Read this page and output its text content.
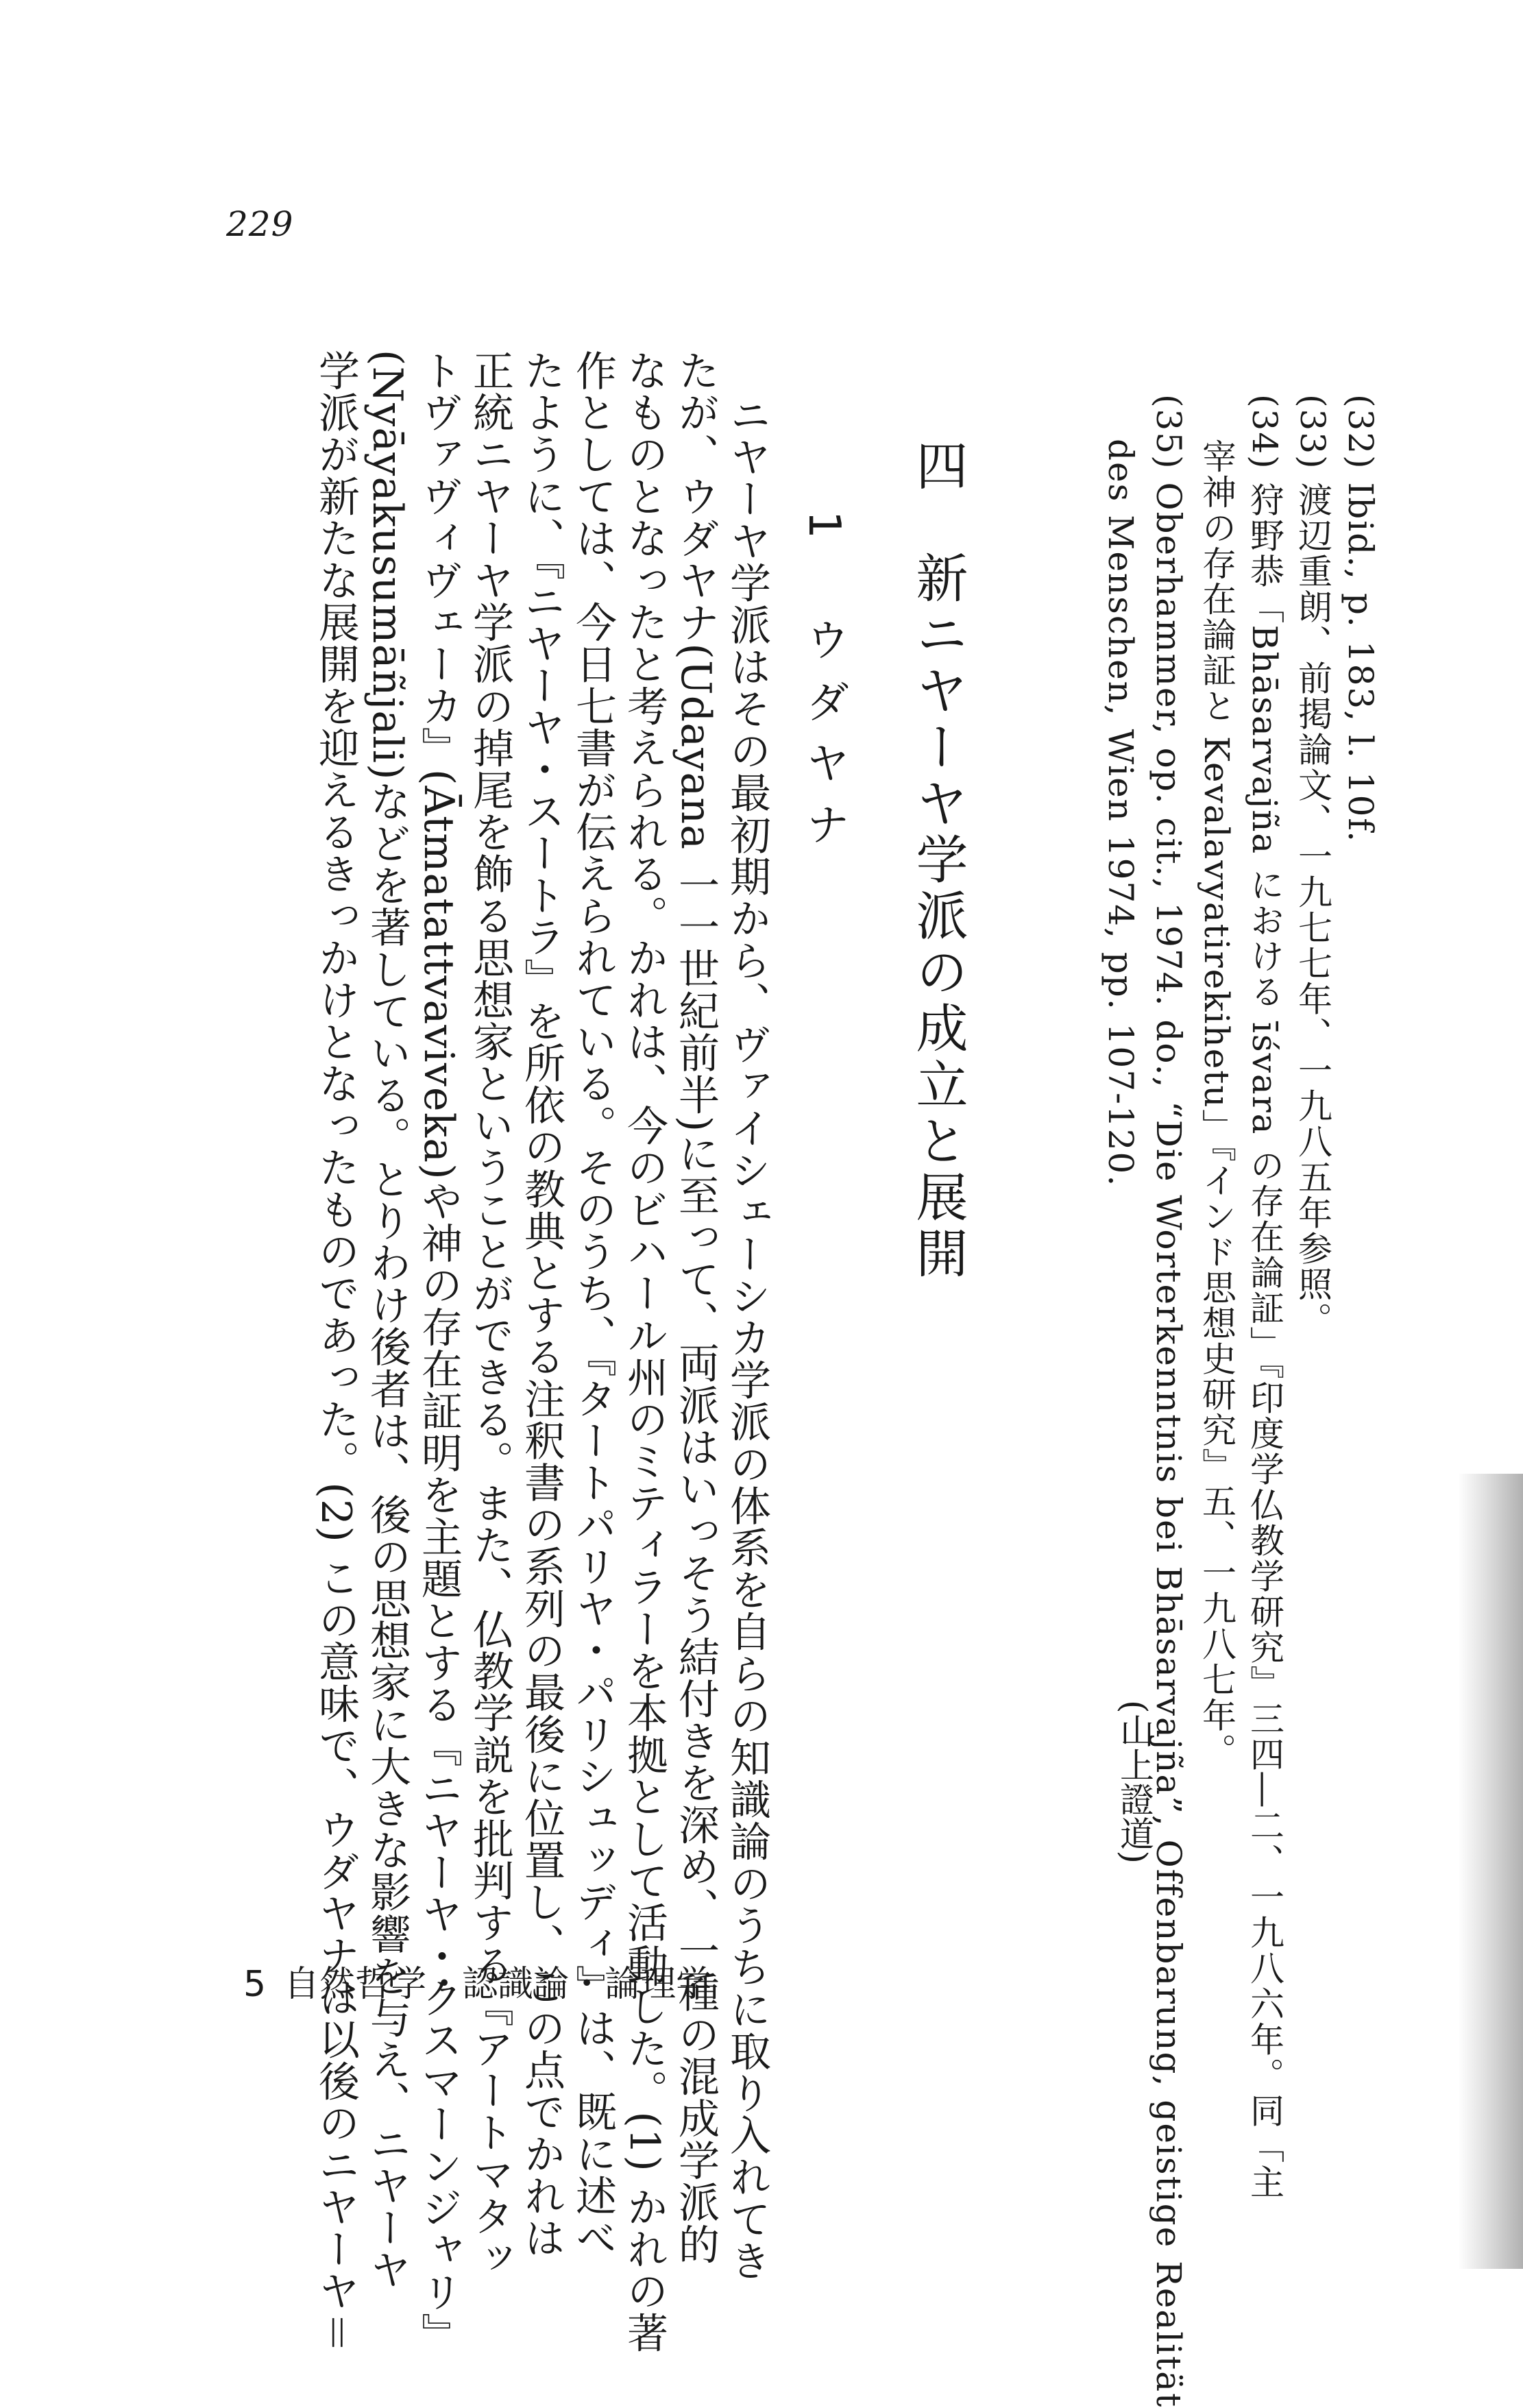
229
(32) Ibid., p. 183, l. 10f.
(33) 渡辺重朗、前掲論文、一九七七年、一九八五年参照。
(34) 狩野恭「Bhāsarvajña における īśvara の存在論証」『印度学仏教学研究』三四―二、一九八六年。同「主
宰神の存在論証と Kevalavyatirekihetu」『インド思想史研究』五、一九八七年。
(35) Oberhammer, op. cit., 1974. do., “Die Worterkenntnis bei Bhāsarvajña”, Offenbarung, geistige Realität
des Menschen, Wien 1974, pp. 107-120.
(山上證道)
四　新ニヤーヤ学派の成立と展開
1　ウダヤナ
ニヤーヤ学派はその最初期から、ヴァイシェーシカ学派の体系を自らの知識論のうちに取り入れてき
たが、ウダヤナ(Udayana 一一世紀前半)に至って、両派はいっそう結付きを深め、一種の混成学派的
なものとなったと考えられる。かれは、今のビハール州のミティラーを本拠として活動した。(1) かれの著
作としては、今日七書が伝えられている。そのうち、『タートパリヤ・パリシュッディ』は、既に述べ
たように、『ニヤーヤ・スートラ』を所依の教典とする注釈書の系列の最後に位置し、この点でかれは
正統ニヤーヤ学派の掉尾を飾る思想家ということができる。また、仏教学説を批判する『アートマタッ
トヴァヴィヴェーカ』(Ātmatattvaviveka)や神の存在証明を主題とする『ニヤーヤ・クスマーンジャリ』
(Nyāyakusumāñjali)などを著している。とりわけ後者は、後の思想家に大きな影響を与え、ニヤーヤ
学派が新たな展開を迎えるきっかけとなったものであった。(2) この意味で、ウダヤナは以後のニヤーヤ＝
5 自然哲学・認識論・論理学
